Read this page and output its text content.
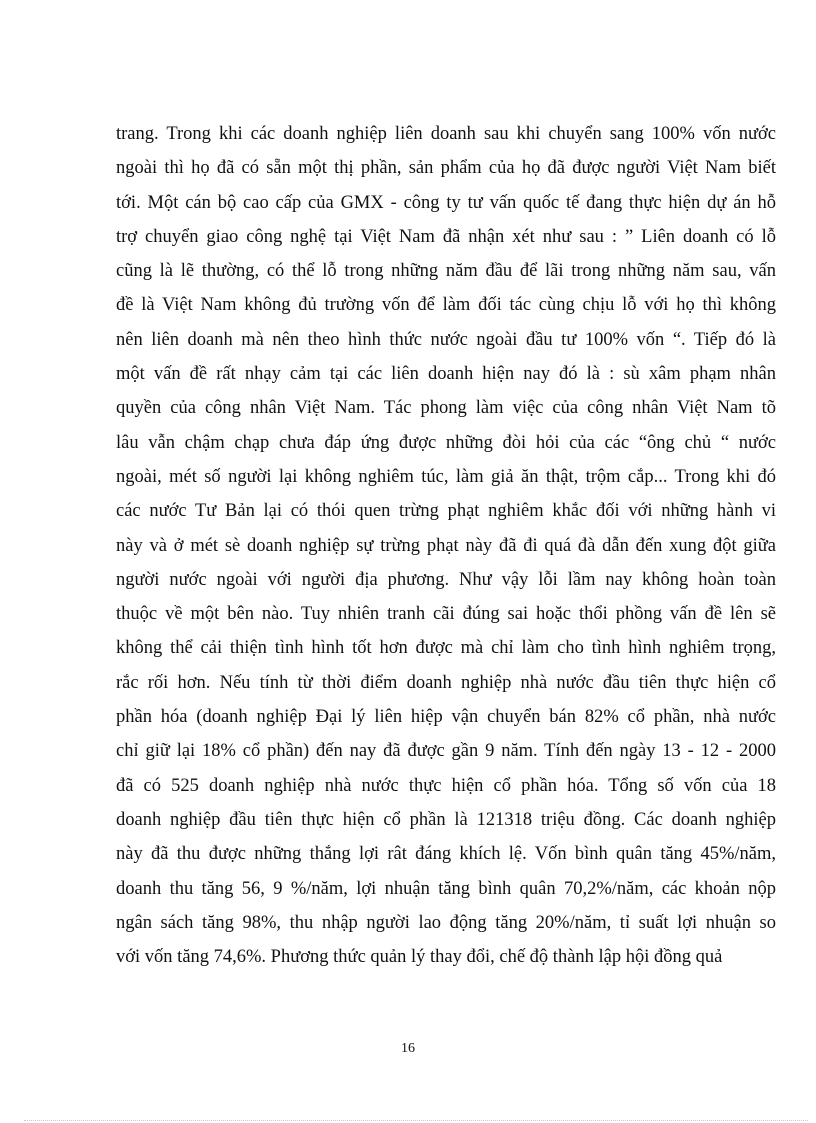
trang. Trong khi các doanh nghiệp liên doanh sau khi chuyển sang 100% vốn nước
ngoài thì họ đã có sẵn một thị phần, sản phẩm của họ đã được người Việt Nam biết
tới. Một cán bộ cao cấp của GMX - công ty tư vấn quốc tế đang thực hiện dự án hỗ
trợ chuyển giao công nghệ tại Việt Nam đã nhận xét như sau : ” Liên doanh có lỗ
cũng là lẽ thường, có thể lỗ trong những năm đầu để lãi trong những năm sau, vấn
đề là Việt Nam không đủ trường vốn để làm đối tác cùng chịu lỗ với họ thì không
nên liên doanh mà nên theo hình thức nước ngoài đầu tư 100% vốn “. Tiếp đó là
một vấn đề rất nhạy cảm tại các liên doanh hiện nay đó là : sù xâm phạm nhân
quyền của công nhân Việt Nam. Tác phong làm việc của công nhân Việt Nam tõ
lâu vẫn chậm chạp chưa đáp ứng được những đòi hỏi của các “ông chủ “ nước
ngoài, mét số người lại không nghiêm túc, làm giả ăn thật, trộm cắp... Trong khi đó
các nước Tư Bản lại có thói quen trừng phạt nghiêm khắc đối với những hành vi
này và ở mét sè doanh nghiệp sự trừng phạt này đã đi quá đà dẫn đến xung đột giữa
người nước ngoài với người địa phương. Như vậy lỗi lầm nay không hoàn toàn
thuộc về một bên nào. Tuy nhiên tranh cãi đúng sai hoặc thổi phồng vấn đề lên sẽ
không thể cải thiện tình hình tốt hơn được mà chỉ làm cho tình hình nghiêm trọng,
rắc rối hơn. Nếu tính từ thời điểm doanh nghiệp nhà nước đầu tiên thực hiện cổ
phần hóa (doanh nghiệp Đại lý liên hiệp vận chuyển bán 82% cổ phần, nhà nước
chỉ giữ lại 18% cổ phần) đến nay đã được gần 9 năm. Tính đến ngày 13 - 12 - 2000
đã có 525 doanh nghiệp nhà nước thực hiện cổ phần hóa. Tổng số vốn của 18
doanh nghiệp đầu tiên thực hiện cổ phần là 121318 triệu đồng. Các doanh nghiệp
này đã thu được những thắng lợi rât đáng khích lệ. Vốn bình quân tăng 45%/năm,
doanh thu tăng 56, 9 %/năm, lợi nhuận tăng bình quân 70,2%/năm, các khoản nộp
ngân sách tăng 98%, thu nhập người lao động tăng 20%/năm, tỉ suất lợi nhuận so
với vốn tăng 74,6%. Phương thức quản lý thay đổi, chế độ thành lập hội đồng quả
16
